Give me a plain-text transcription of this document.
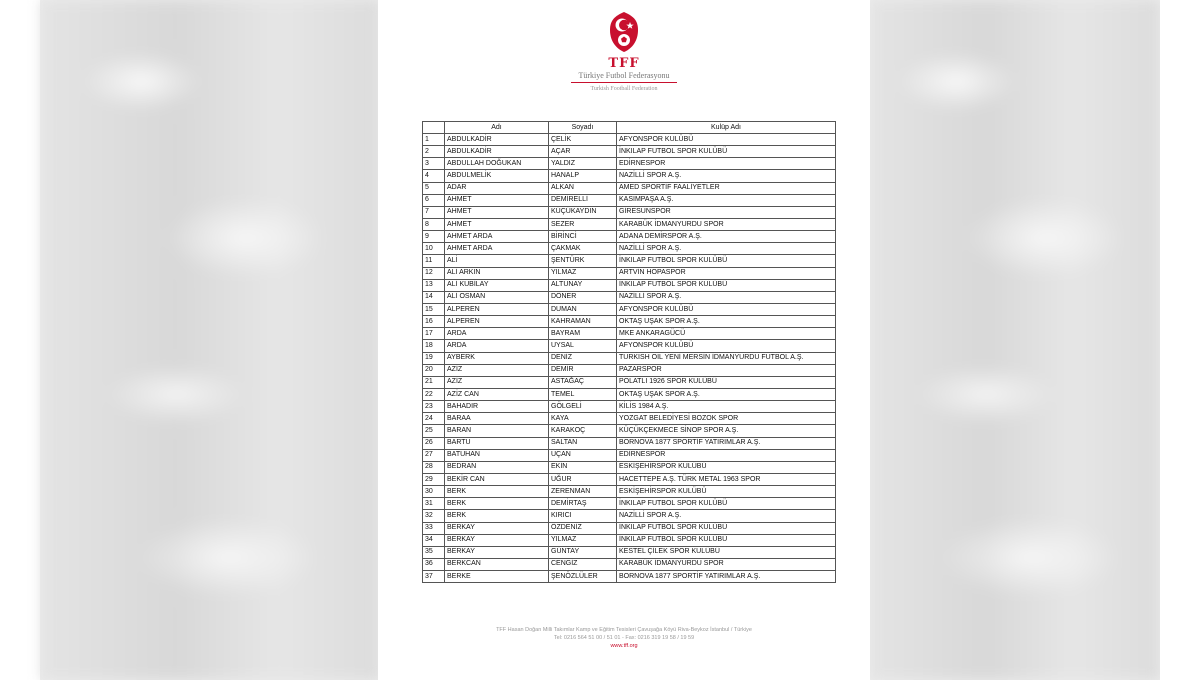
TFF
Türkiye Futbol Federasyonu
Turkish Football Federation
	Adı	Soyadı	Kulüp Adı
1	ABDULKADİR	ÇELİK	AFYONSPOR KULÜBÜ
2	ABDULKADİR	AÇAR	İNKILAP FUTBOL SPOR KULÜBÜ
3	ABDULLAH DOĞUKAN	YALDIZ	EDİRNESPOR
4	ABDULMELİK	HANALP	NAZİLLİ SPOR A.Ş.
5	ADAR	ALKAN	AMED SPORTİF FAALİYETLER
6	AHMET	DEMİRELLİ	KASIMPAŞA A.Ş.
7	AHMET	KÜÇÜKAYDIN	GİRESUNSPOR
8	AHMET	SEZER	KARABÜK İDMANYURDU SPOR
9	AHMET ARDA	BİRİNCİ	ADANA DEMİRSPOR A.Ş.
10	AHMET ARDA	ÇAKMAK	NAZİLLİ SPOR A.Ş.
11	ALİ	ŞENTÜRK	İNKILAP FUTBOL SPOR KULÜBÜ
12	ALİ ARKIN	YILMAZ	ARTVİN HOPASPOR
13	ALİ KUBİLAY	ALTUNAY	İNKILAP FUTBOL SPOR KULÜBÜ
14	ALİ OSMAN	DÖNER	NAZİLLİ SPOR A.Ş.
15	ALPEREN	DUMAN	AFYONSPOR KULÜBÜ
16	ALPEREN	KAHRAMAN	OKTAŞ UŞAK SPOR A.Ş.
17	ARDA	BAYRAM	MKE ANKARAGÜCÜ
18	ARDA	UYSAL	AFYONSPOR KULÜBÜ
19	AYBERK	DENİZ	TURKISH OIL YENİ MERSİN İDMANYURDU FUTBOL A.Ş.
20	AZİZ	DEMİR	PAZARSPOR
21	AZİZ	ASTAĞAÇ	POLATLI 1926 SPOR KULÜBÜ
22	AZİZ CAN	TEMEL	OKTAŞ UŞAK SPOR A.Ş.
23	BAHADIR	GÖLGELİ	KİLİS 1984 A.Ş.
24	BARAA	KAYA	YOZGAT BELEDİYESİ BOZOK SPOR
25	BARAN	KARAKOÇ	KÜÇÜKÇEKMECE SİNOP SPOR A.Ş.
26	BARTU	SALTAN	BORNOVA 1877 SPORTİF YATIRIMLAR A.Ş.
27	BATUHAN	UÇAN	EDİRNESPOR
28	BEDRAN	EKİN	ESKİŞEHİRSPOR KULÜBÜ
29	BEKİR CAN	UĞUR	HACETTEPE A.Ş. TÜRK METAL 1963 SPOR
30	BERK	ZERENMAN	ESKİŞEHİRSPOR KULÜBÜ
31	BERK	DEMİRTAŞ	İNKILAP FUTBOL SPOR KULÜBÜ
32	BERK	KIRICI	NAZİLLİ SPOR A.Ş.
33	BERKAY	ÖZDENİZ	İNKILAP FUTBOL SPOR KULÜBÜ
34	BERKAY	YILMAZ	İNKILAP FUTBOL SPOR KULÜBÜ
35	BERKAY	GÜNTAY	KESTEL ÇİLEK SPOR KULÜBÜ
36	BERKCAN	CENGİZ	KARABÜK İDMANYURDU SPOR
37	BERKE	ŞENÖZLÜLER	BORNOVA 1877 SPORTİF YATIRIMLAR A.Ş.
TFF Hasan Doğan Milli Takımlar Kamp ve Eğitim Tesisleri Çavuşağa Köyü Riva-Beykoz İstanbul / Türkiye
Tel: 0216 564 51 00 / 51 01 - Fax: 0216 319 19 58 / 19 59
www.tff.org
